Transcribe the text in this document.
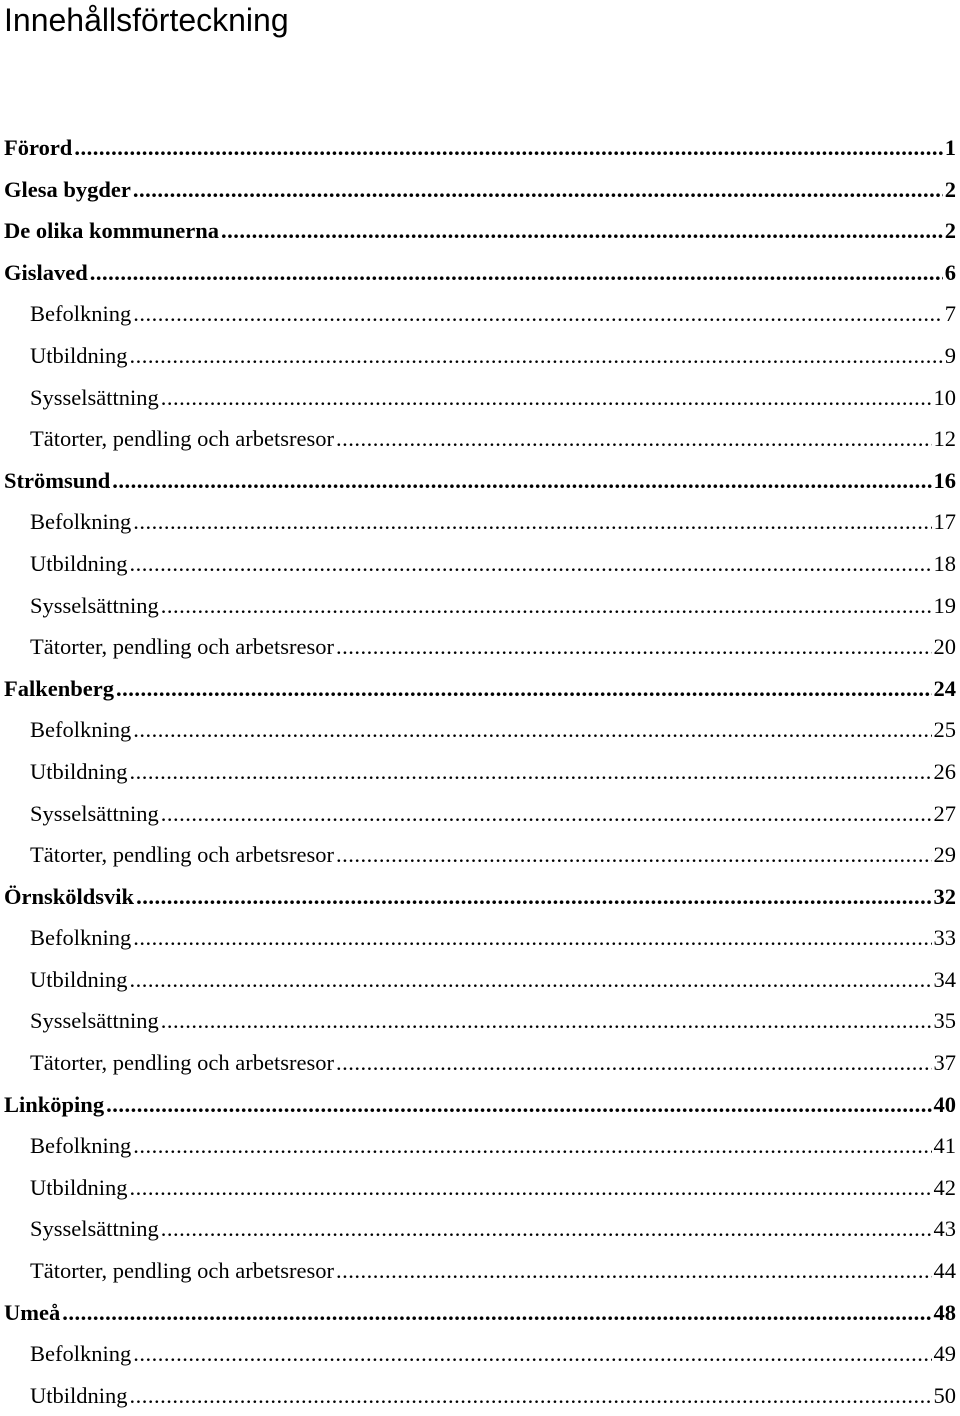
Innehållsförteckning
Förord .....	1
Glesa bygder .....	2
De olika kommunerna .....	2
Gislaved .....	6
Befolkning .....	7
Utbildning .....	9
Sysselsättning .....	10
Tätorter, pendling och arbetsresor .....	12
Strömsund .....	16
Befolkning .....	17
Utbildning .....	18
Sysselsättning .....	19
Tätorter, pendling och arbetsresor .....	20
Falkenberg .....	24
Befolkning .....	25
Utbildning .....	26
Sysselsättning .....	27
Tätorter, pendling och arbetsresor .....	29
Örnsköldsvik .....	32
Befolkning .....	33
Utbildning .....	34
Sysselsättning .....	35
Tätorter, pendling och arbetsresor .....	37
Linköping .....	40
Befolkning .....	41
Utbildning .....	42
Sysselsättning .....	43
Tätorter, pendling och arbetsresor .....	44
Umeå .....	48
Befolkning .....	49
Utbildning .....	50
